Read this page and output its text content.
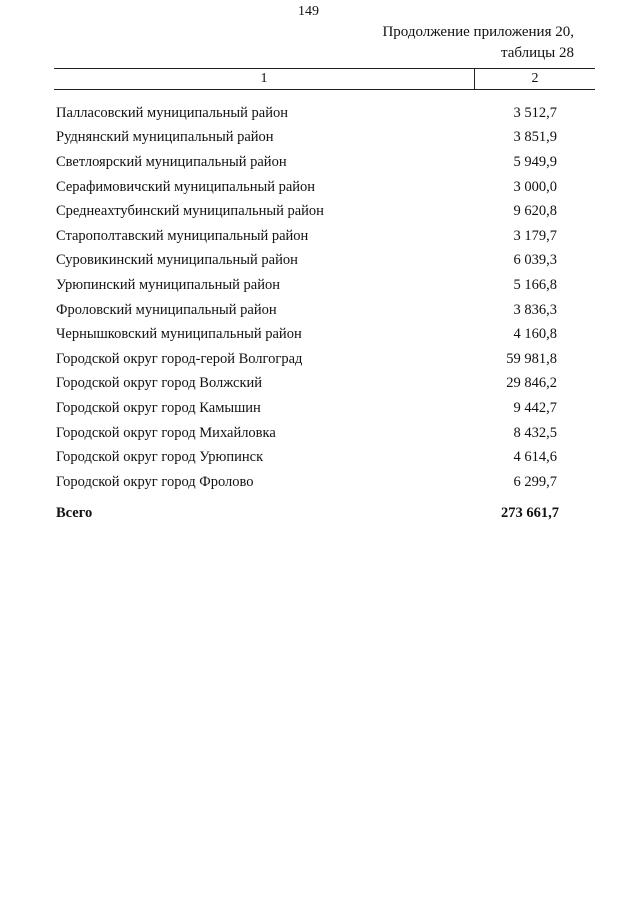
149
Продолжение приложения 20,
таблицы 28
1	2
Палласовский муниципальный район	3 512,7
Руднянский муниципальный район	3 851,9
Светлоярский муниципальный район	5 949,9
Серафимовичский муниципальный район	3 000,0
Среднеахтубинский муниципальный район	9 620,8
Старополтавский муниципальный район	3 179,7
Суровикинский муниципальный район	6 039,3
Урюпинский муниципальный район	5 166,8
Фроловский муниципальный район	3 836,3
Чернышковский муниципальный район	4 160,8
Городской округ город-герой Волгоград	59 981,8
Городской округ город Волжский	29 846,2
Городской округ город Камышин	9 442,7
Городской округ город Михайловка	8 432,5
Городской округ город Урюпинск	4 614,6
Городской округ город Фролово	6 299,7
Всего	273 661,7
